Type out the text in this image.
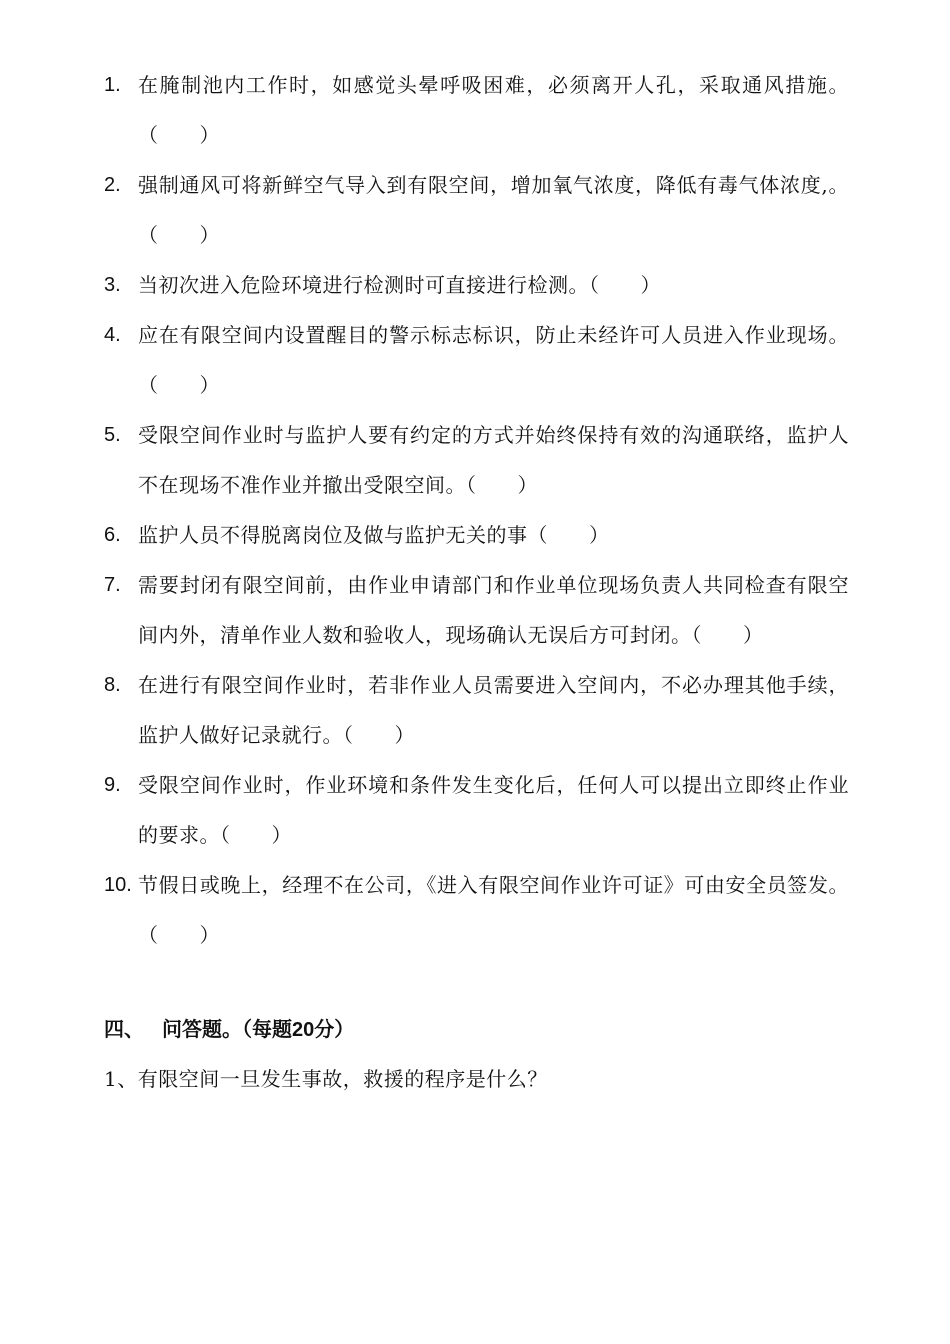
1. 在腌制池内工作时，如感觉头晕呼吸困难，必须离开人孔，采取通风措施。（　　）
2. 强制通风可将新鲜空气导入到有限空间，增加氧气浓度，降低有毒气体浓度,。（　　）
3. 当初次进入危险环境进行检测时可直接进行检测。（　　）
4. 应在有限空间内设置醒目的警示标志标识，防止未经许可人员进入作业现场。（　　）
5. 受限空间作业时与监护人要有约定的方式并始终保持有效的沟通联络，监护人不在现场不准作业并撤出受限空间。（　　）
6. 监护人员不得脱离岗位及做与监护无关的事（　　）
7. 需要封闭有限空间前，由作业申请部门和作业单位现场负责人共同检查有限空间内外，清单作业人数和验收人，现场确认无误后方可封闭。（　　）
8. 在进行有限空间作业时，若非作业人员需要进入空间内，不必办理其他手续，监护人做好记录就行。（　　）
9. 受限空间作业时，作业环境和条件发生变化后，任何人可以提出立即终止作业的要求。（　　）
10. 节假日或晚上，经理不在公司，《进入有限空间作业许可证》可由安全员签发。（　　）
四、 问答题。（每题20分）
1、有限空间一旦发生事故，救援的程序是什么？
